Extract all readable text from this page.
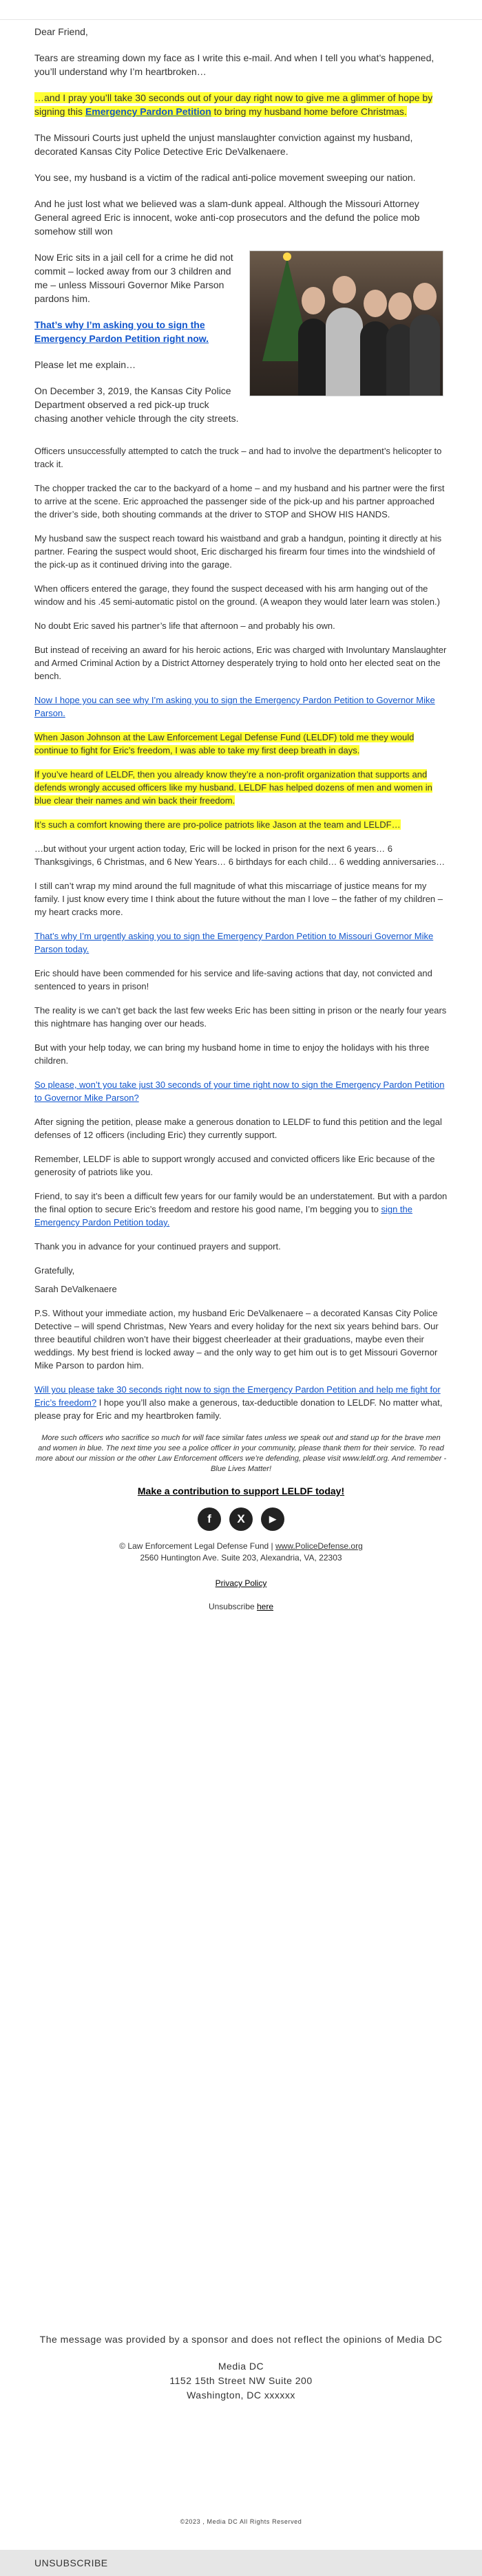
Dear Friend,

Tears are streaming down my face as I write this e-mail. And when I tell you what’s happened, you’ll understand why I’m heartbroken…

…and I pray you’ll take 30 seconds out of your day right now to give me a glimmer of hope by signing this Emergency Pardon Petition to bring my husband home before Christmas.

The Missouri Courts just upheld the unjust manslaughter conviction against my husband, decorated Kansas City Police Detective Eric DeValkenaere.

You see, my husband is a victim of the radical anti-police movement sweeping our nation.

And he just lost what we believed was a slam-dunk appeal. Although the Missouri Attorney General agreed Eric is innocent, woke anti-cop prosecutors and the defund the police mob somehow still won

Now Eric sits in a jail cell for a crime he did not commit – locked away from our 3 children and me – unless Missouri Governor Mike Parson pardons him.

That’s why I’m asking you to sign the Emergency Pardon Petition right now.

Please let me explain…

On December 3, 2019, the Kansas City Police Department observed a red pick-up truck chasing another vehicle through the city streets.

Officers unsuccessfully attempted to catch the truck – and had to involve the department’s helicopter to track it.

The chopper tracked the car to the backyard of a home – and my husband and his partner were the first to arrive at the scene. Eric approached the passenger side of the pick-up and his partner approached the driver’s side, both shouting commands at the driver to STOP and SHOW HIS HANDS.

My husband saw the suspect reach toward his waistband and grab a handgun, pointing it directly at his partner. Fearing the suspect would shoot, Eric discharged his firearm four times into the windshield of the pick-up as it continued driving into the garage.

When officers entered the garage, they found the suspect deceased with his arm hanging out of the window and his .45 semi-automatic pistol on the ground. (A weapon they would later learn was stolen.)

No doubt Eric saved his partner’s life that afternoon – and probably his own.

But instead of receiving an award for his heroic actions, Eric was charged with Involuntary Manslaughter and Armed Criminal Action by a District Attorney desperately trying to hold onto her elected seat on the bench.

Now I hope you can see why I’m asking you to sign the Emergency Pardon Petition to Governor Mike Parson.

When Jason Johnson at the Law Enforcement Legal Defense Fund (LELDF) told me they would continue to fight for Eric’s freedom, I was able to take my first deep breath in days.

If you’ve heard of LELDF, then you already know they’re a non-profit organization that supports and defends wrongly accused officers like my husband. LELDF has helped dozens of men and women in blue clear their names and win back their freedom.

It’s such a comfort knowing there are pro-police patriots like Jason at the team and LELDF…

…but without your urgent action today, Eric will be locked in prison for the next 6 years… 6 Thanksgivings, 6 Christmas, and 6 New Years… 6 birthdays for each child… 6 wedding anniversaries…

I still can’t wrap my mind around the full magnitude of what this miscarriage of justice means for my family. I just know every time I think about the future without the man I love – the father of my children – my heart cracks more.

That’s why I’m urgently asking you to sign the Emergency Pardon Petition to Missouri Governor Mike Parson today.

Eric should have been commended for his service and life-saving actions that day, not convicted and sentenced to years in prison!

The reality is we can’t get back the last few weeks Eric has been sitting in prison or the nearly four years this nightmare has hanging over our heads.

But with your help today, we can bring my husband home in time to enjoy the holidays with his three children.

So please, won’t you take just 30 seconds of your time right now to sign the Emergency Pardon Petition to Governor Mike Parson?

After signing the petition, please make a generous donation to LELDF to fund this petition and the legal defenses of 12 officers (including Eric) they currently support.

Remember, LELDF is able to support wrongly accused and convicted officers like Eric because of the generosity of patriots like you.

Friend, to say it’s been a difficult few years for our family would be an understatement. But with a pardon the final option to secure Eric’s freedom and restore his good name, I’m begging you to sign the Emergency Pardon Petition today.

Thank you in advance for your continued prayers and support.

Gratefully,

Sarah DeValkenaere

P.S. Without your immediate action, my husband Eric DeValkenaere – a decorated Kansas City Police Detective – will spend Christmas, New Years and every holiday for the next six years behind bars. Our three beautiful children won’t have their biggest cheerleader at their graduations, maybe even their weddings. My best friend is locked away – and the only way to get him out is to get Missouri Governor Mike Parson to pardon him.

Will you please take 30 seconds right now to sign the Emergency Pardon Petition and help me fight for Eric’s freedom? I hope you’ll also make a generous, tax-deductible donation to LELDF. No matter what, please pray for Eric and my heartbroken family.

More such officers who sacrifice so much for will face similar fates unless we speak out and stand up for the brave men and women in blue. The next time you see a police officer in your community, please thank them for their service. To read more about our mission or the other Law Enforcement officers we’re defending, please visit www.leldf.org. And remember - Blue Lives Matter!
Make a contribution to support LELDF today!
f	X	▶
© Law Enforcement Legal Defense Fund | www.PoliceDefense.org
2560 Huntington Ave. Suite 203, Alexandria, VA, 22303
Privacy Policy
Unsubscribe here

The message was provided by a sponsor and does not reflect the opinions of Media DC

Media DC
1152 15th Street NW Suite 200
Washington, DC xxxxxx
©2023 , Media DC All Rights Reserved
UNSUBSCRIBE
